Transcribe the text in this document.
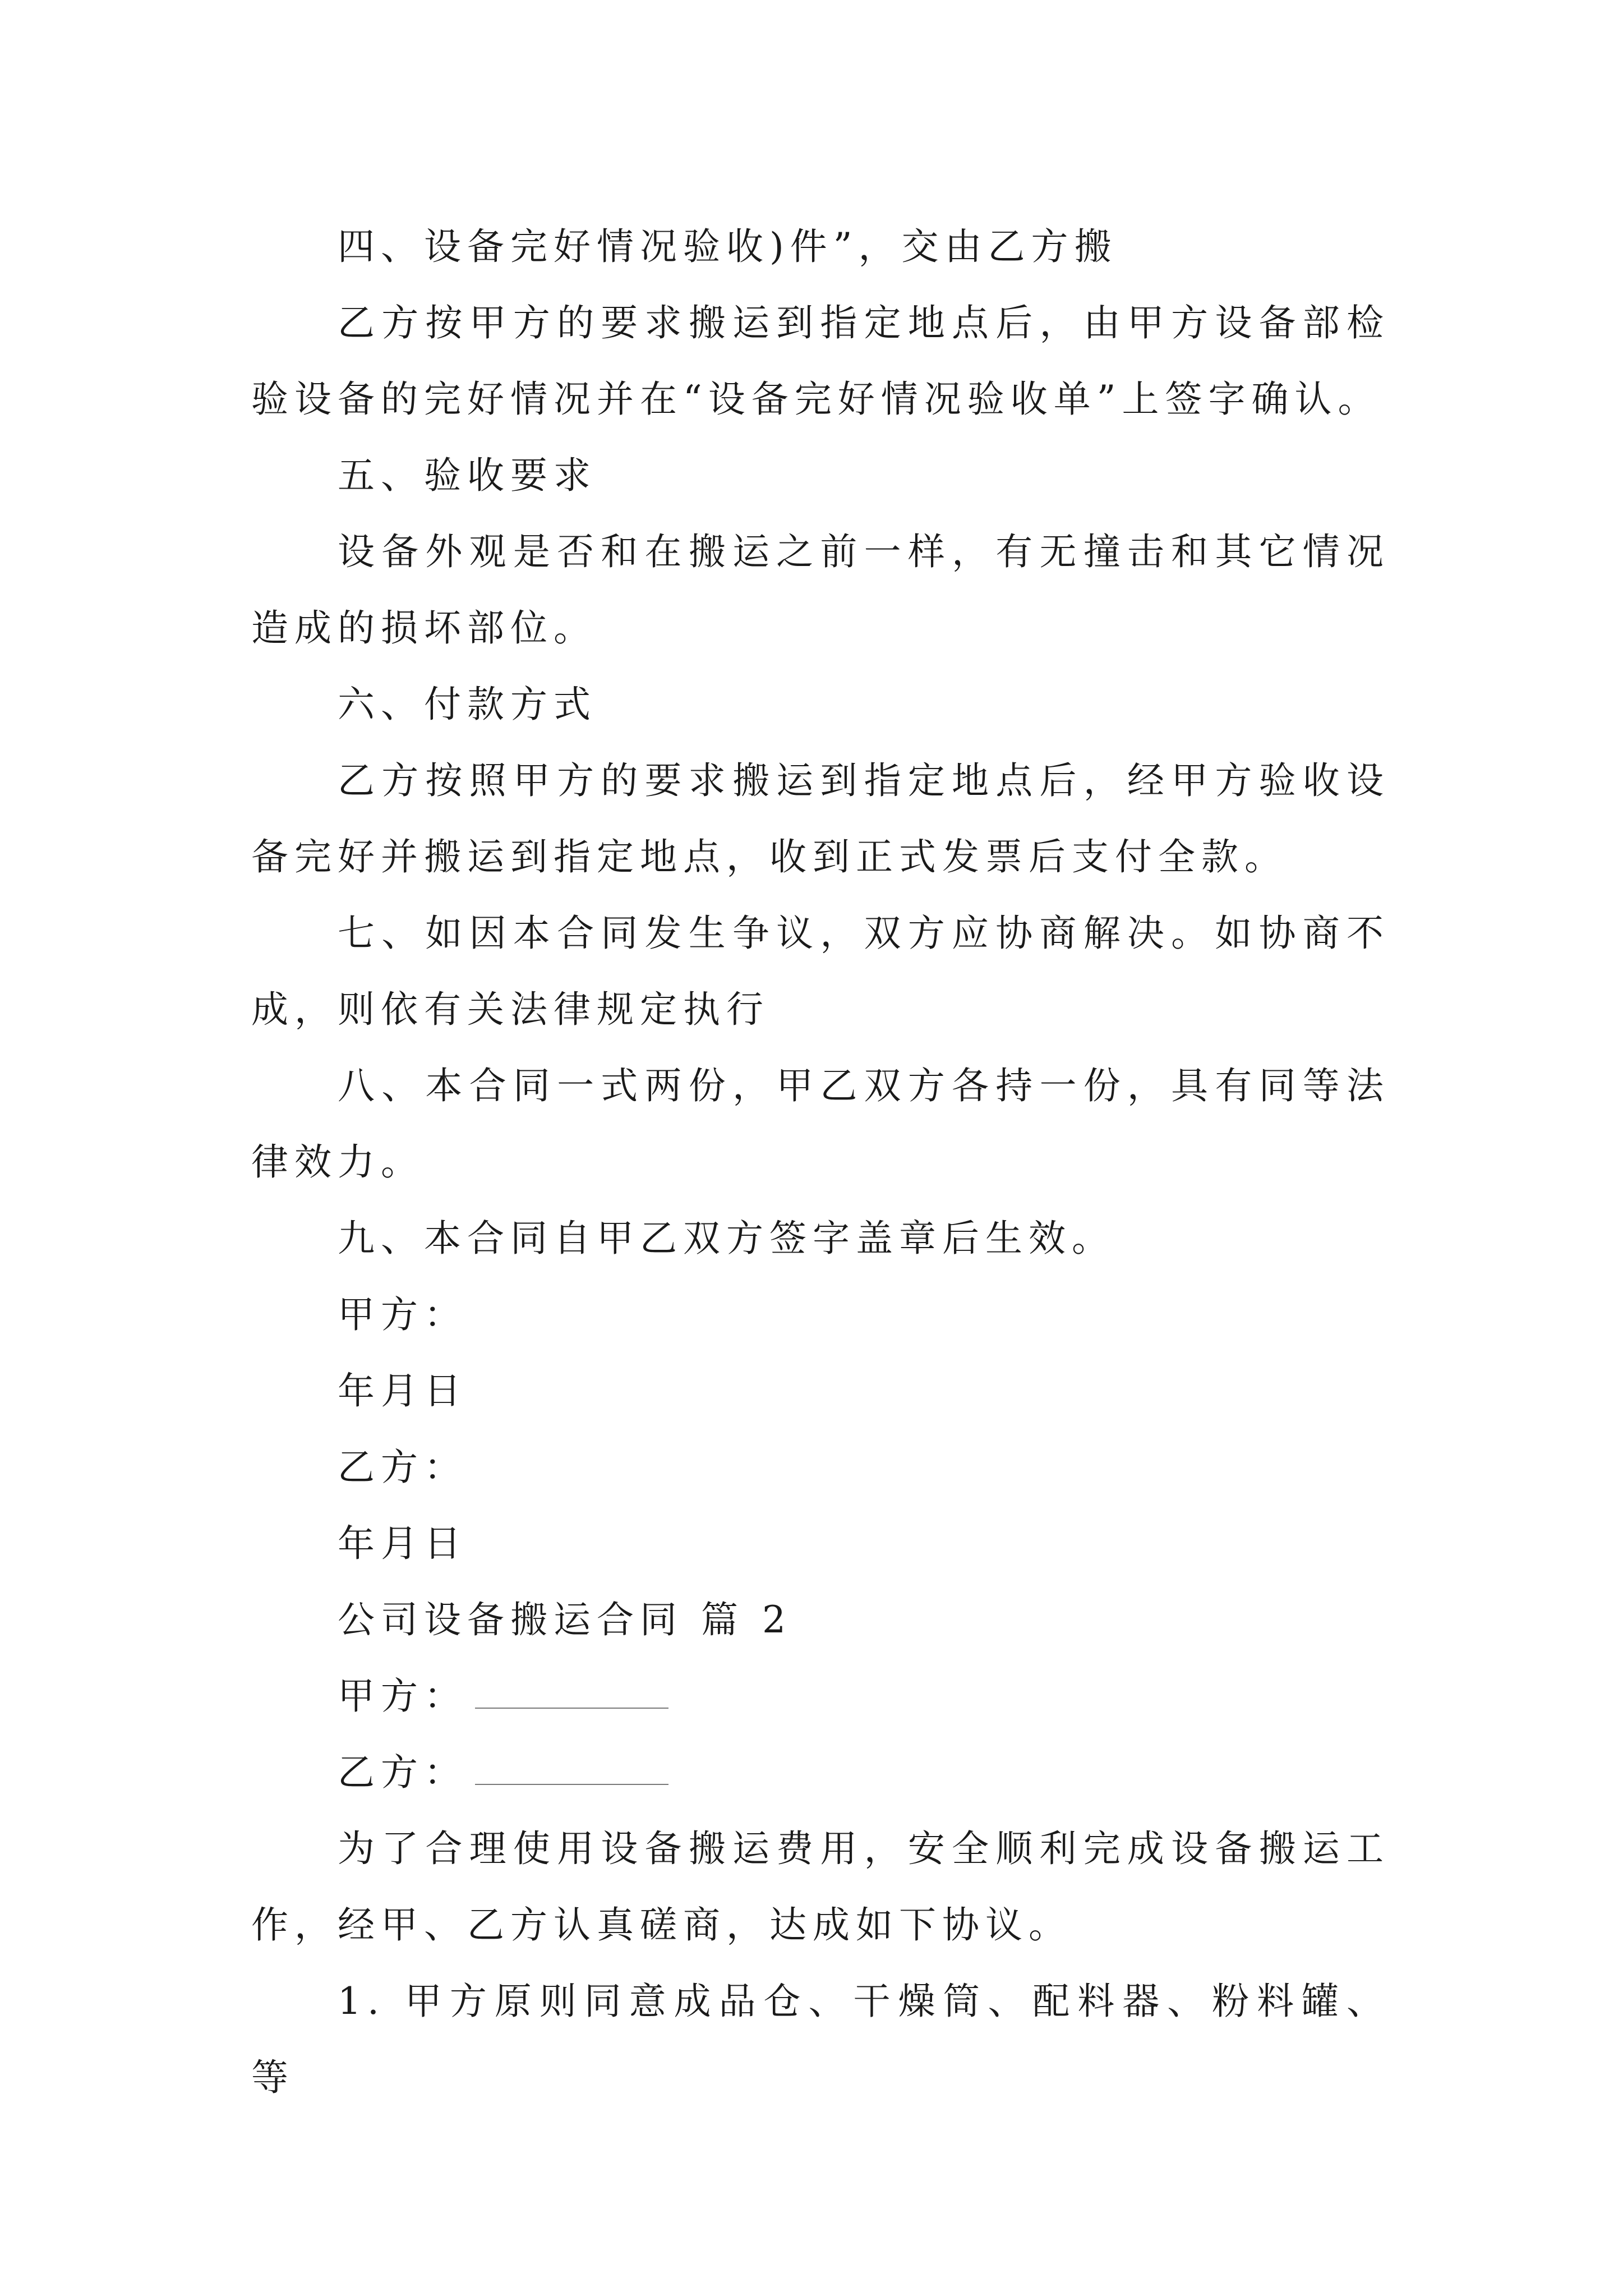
四、设备完好情况验收)件”，交由乙方搬

乙方按甲方的要求搬运到指定地点后，由甲方设备部检验设备的完好情况并在“设备完好情况验收单”上签字确认。

五、验收要求

设备外观是否和在搬运之前一样，有无撞击和其它情况造成的损坏部位。

六、付款方式

乙方按照甲方的要求搬运到指定地点后，经甲方验收设备完好并搬运到指定地点，收到正式发票后支付全款。

七、如因本合同发生争议，双方应协商解决。如协商不成，则依有关法律规定执行

八、本合同一式两份，甲乙双方各持一份，具有同等法律效力。

九、本合同自甲乙双方签字盖章后生效。

甲方：

年月日

乙方：

年月日

公司设备搬运合同 篇 2

甲方：

乙方：

为了合理使用设备搬运费用，安全顺利完成设备搬运工作，经甲、乙方认真磋商，达成如下协议。

1. 甲方原则同意成品仓、干燥筒、配料器、粉料罐、等
